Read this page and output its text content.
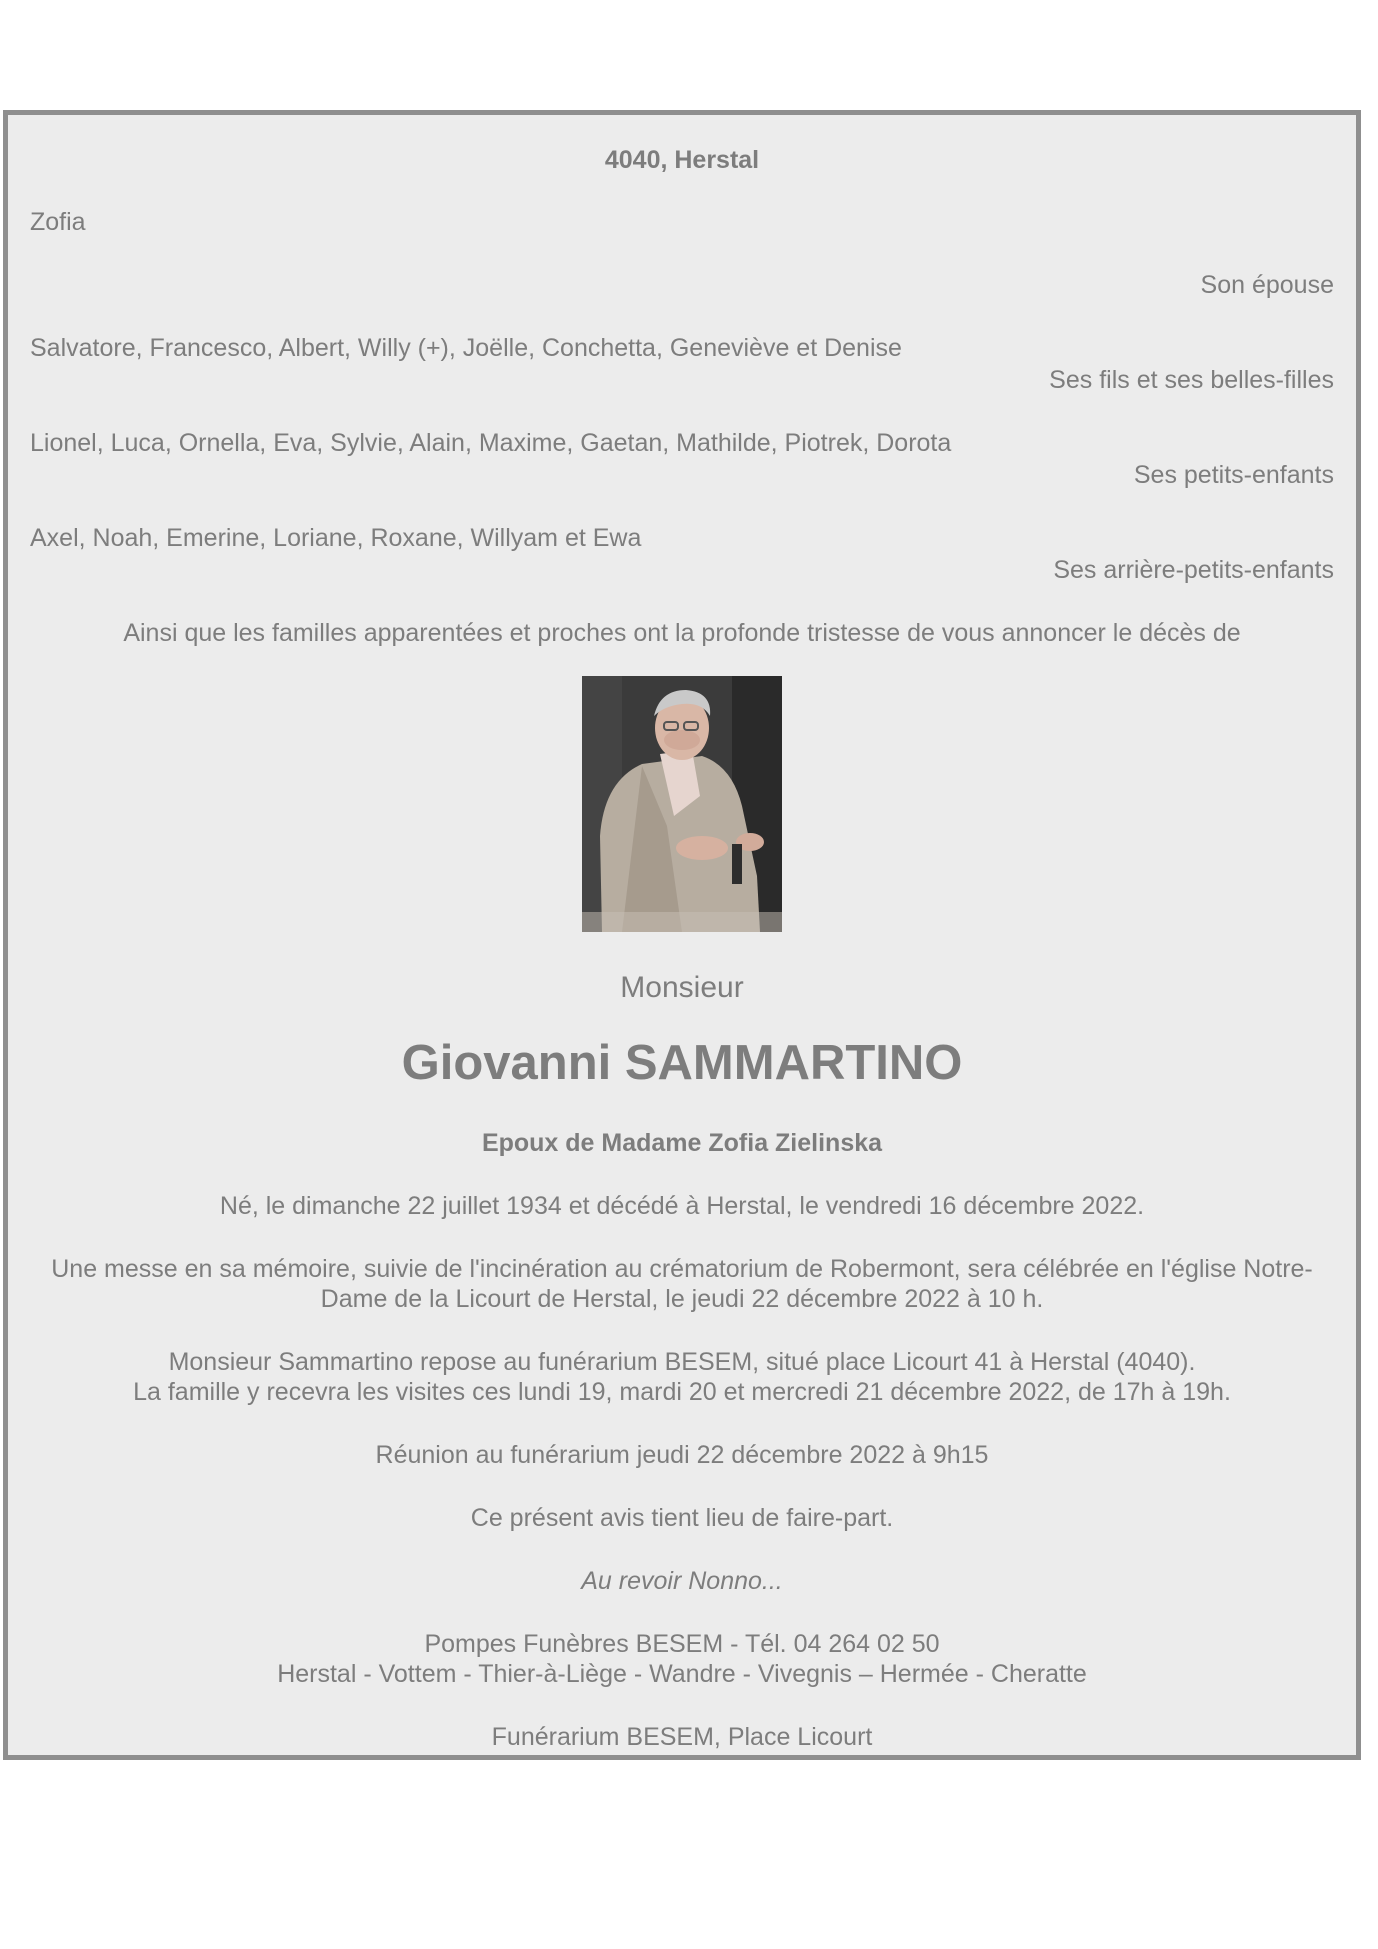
4040, Herstal
Zofia
Son épouse
Salvatore, Francesco, Albert, Willy (+), Joëlle, Conchetta, Geneviève et Denise
Ses fils et ses belles-filles
Lionel, Luca, Ornella, Eva, Sylvie, Alain, Maxime, Gaetan, Mathilde, Piotrek, Dorota
Ses petits-enfants
Axel, Noah, Emerine, Loriane, Roxane, Willyam et Ewa
Ses arrière-petits-enfants
Ainsi que les familles apparentées et proches ont la profonde tristesse de vous annoncer le décès de
Monsieur
Giovanni SAMMARTINO
Epoux de Madame Zofia Zielinska
Né, le dimanche 22 juillet 1934 et décédé à Herstal, le vendredi 16 décembre 2022.
Une messe en sa mémoire, suivie de l'incinération au crématorium de Robermont, sera célébrée en l'église Notre-
Dame de la Licourt de Herstal, le jeudi 22 décembre 2022 à 10 h.
Monsieur Sammartino repose au funérarium BESEM, situé place Licourt 41 à Herstal (4040).
La famille y recevra les visites ces lundi 19, mardi 20 et mercredi 21 décembre 2022, de 17h à 19h.
Réunion au funérarium jeudi 22 décembre 2022 à 9h15
Ce présent avis tient lieu de faire-part.
Au revoir Nonno...
Pompes Funèbres BESEM - Tél. 04 264 02 50
Herstal - Vottem - Thier-à-Liège - Wandre - Vivegnis – Hermée - Cheratte
Funérarium BESEM, Place Licourt
